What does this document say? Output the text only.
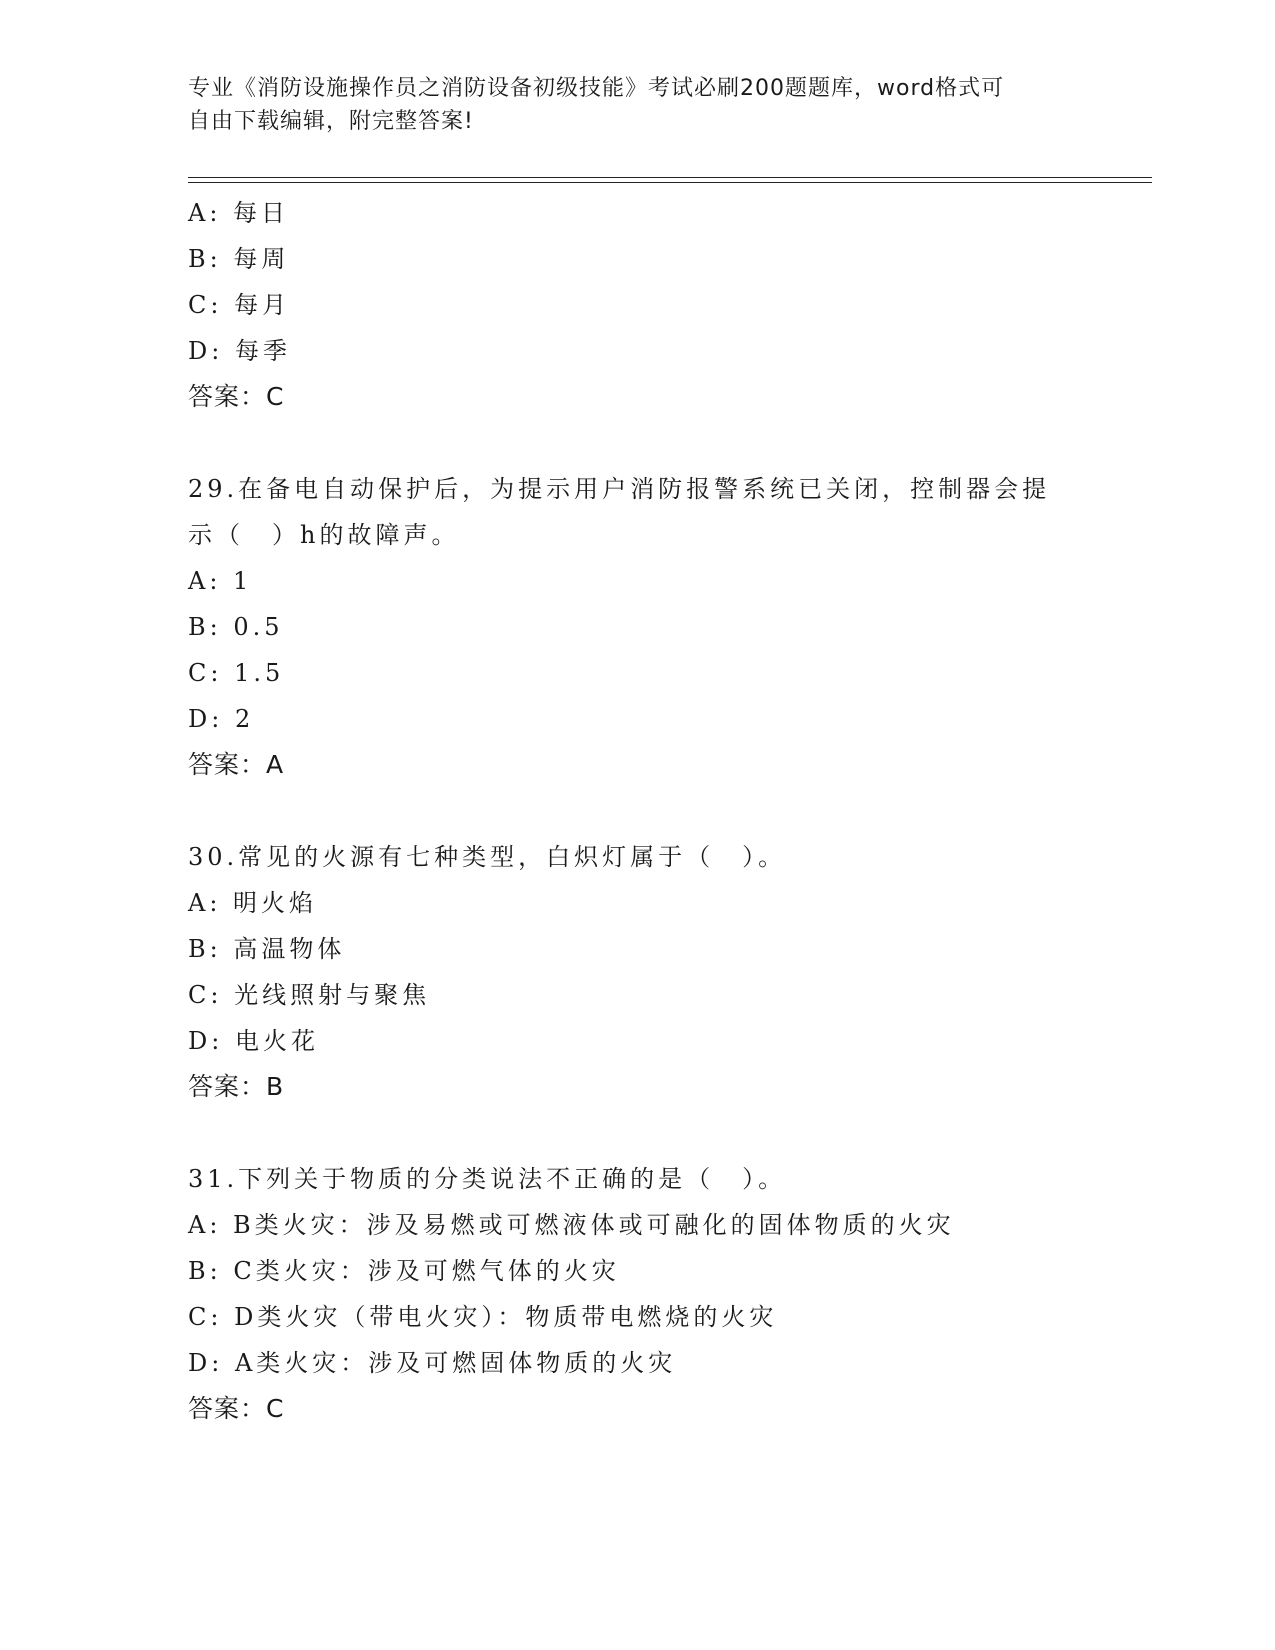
专业《消防设施操作员之消防设备初级技能》考试必刷200题题库，word格式可
自由下载编辑，附完整答案!
A: 每日
B: 每周
C: 每月
D: 每季
答案：C
29.在备电自动保护后，为提示用户消防报警系统已关闭，控制器会提示（　）h的故障声。
A: 1
B: 0.5
C: 1.5
D: 2
答案：A
30.常见的火源有七种类型，白炽灯属于（　）。
A: 明火焰
B: 高温物体
C: 光线照射与聚焦
D: 电火花
答案：B
31.下列关于物质的分类说法不正确的是（　）。
A: B类火灾：涉及易燃或可燃液体或可融化的固体物质的火灾
B: C类火灾：涉及可燃气体的火灾
C: D类火灾（带电火灾）：物质带电燃烧的火灾
D: A类火灾：涉及可燃固体物质的火灾
答案：C
